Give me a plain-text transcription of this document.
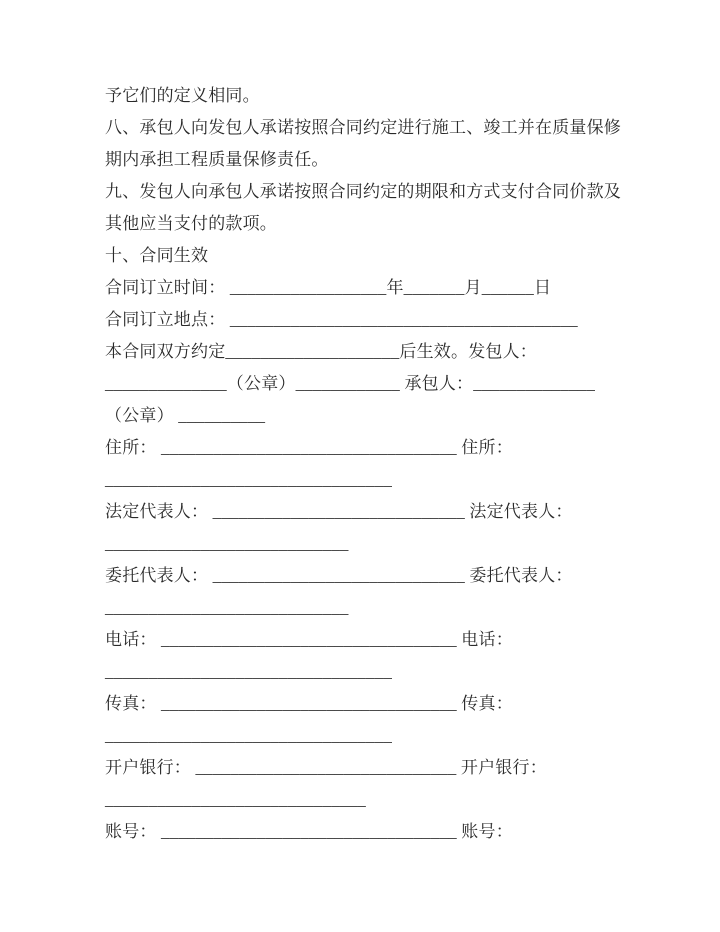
予它们的定义相同。
八、承包人向发包人承诺按照合同约定进行施工、竣工并在质量保修
期内承担工程质量保修责任。
九、发包人向承包人承诺按照合同约定的期限和方式支付合同价款及
其他应当支付的款项。
十、合同生效
合同订立时间： __________________年_______月______日
合同订立地点： ________________________________________
本合同双方约定____________________后生效。发包人：
______________（公章）____________ 承包人：______________
（公章） __________
住所： __________________________________ 住所：
_________________________________
法定代表人： _____________________________ 法定代表人：
____________________________
委托代表人： _____________________________ 委托代表人：
____________________________
电话： __________________________________ 电话：
_________________________________
传真： __________________________________ 传真：
_________________________________
开户银行： ______________________________ 开户银行：
______________________________
账号： __________________________________ 账号：
